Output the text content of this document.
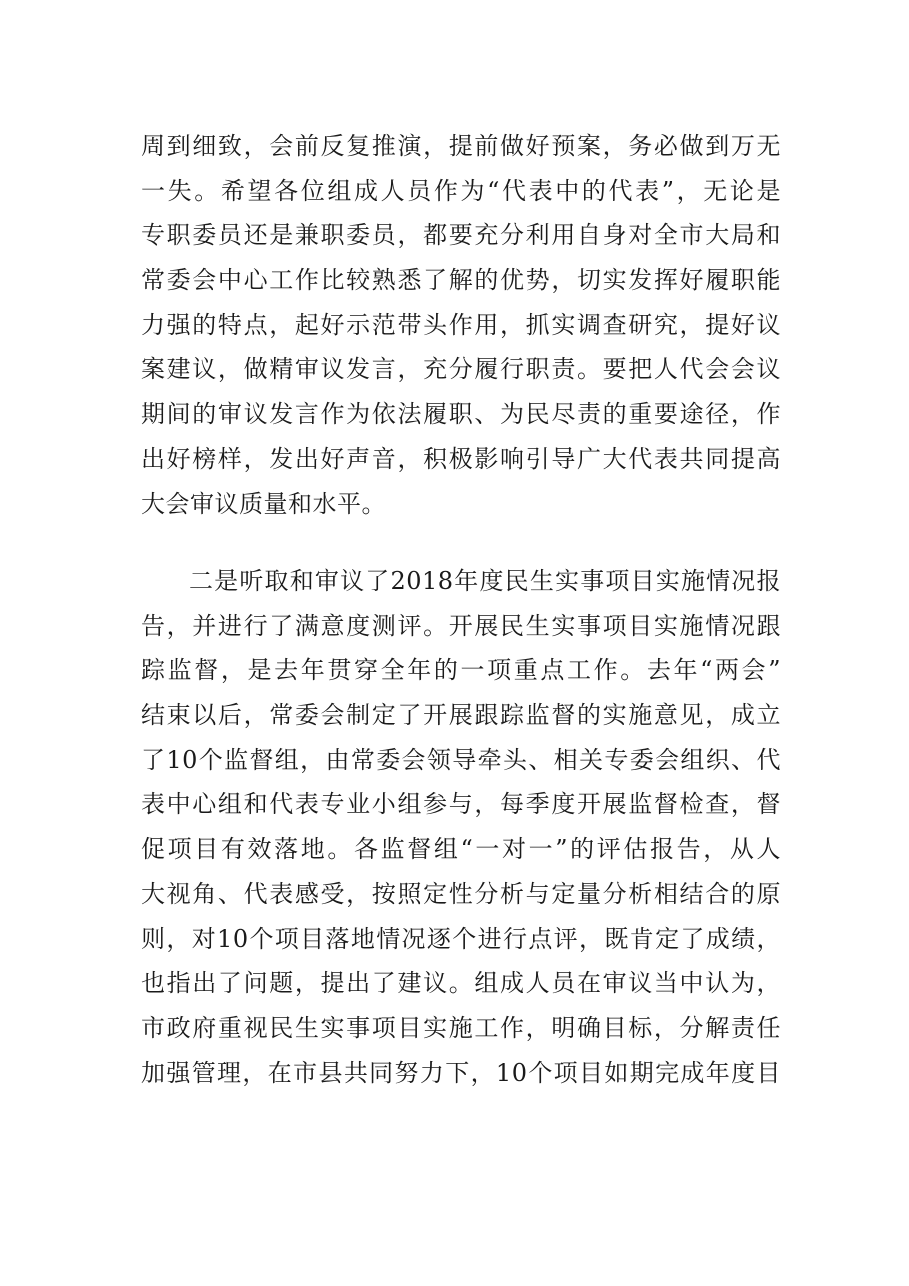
周到细致，会前反复推演，提前做好预案，务必做到万无
一失。希望各位组成人员作为“代表中的代表”，无论是
专职委员还是兼职委员，都要充分利用自身对全市大局和
常委会中心工作比较熟悉了解的优势，切实发挥好履职能
力强的特点，起好示范带头作用，抓实调查研究，提好议
案建议，做精审议发言，充分履行职责。要把人代会会议
期间的审议发言作为依法履职、为民尽责的重要途径，作
出好榜样，发出好声音，积极影响引导广大代表共同提高
大会审议质量和水平。
二是听取和审议了2018年度民生实事项目实施情况报
告，并进行了满意度测评。开展民生实事项目实施情况跟
踪监督，是去年贯穿全年的一项重点工作。去年“两会”
结束以后，常委会制定了开展跟踪监督的实施意见，成立
了10个监督组，由常委会领导牵头、相关专委会组织、代
表中心组和代表专业小组参与，每季度开展监督检查，督
促项目有效落地。各监督组“一对一”的评估报告，从人
大视角、代表感受，按照定性分析与定量分析相结合的原
则，对10个项目落地情况逐个进行点评，既肯定了成绩，
也指出了问题，提出了建议。组成人员在审议当中认为，
市政府重视民生实事项目实施工作，明确目标，分解责任
加强管理，在市县共同努力下，10个项目如期完成年度目
